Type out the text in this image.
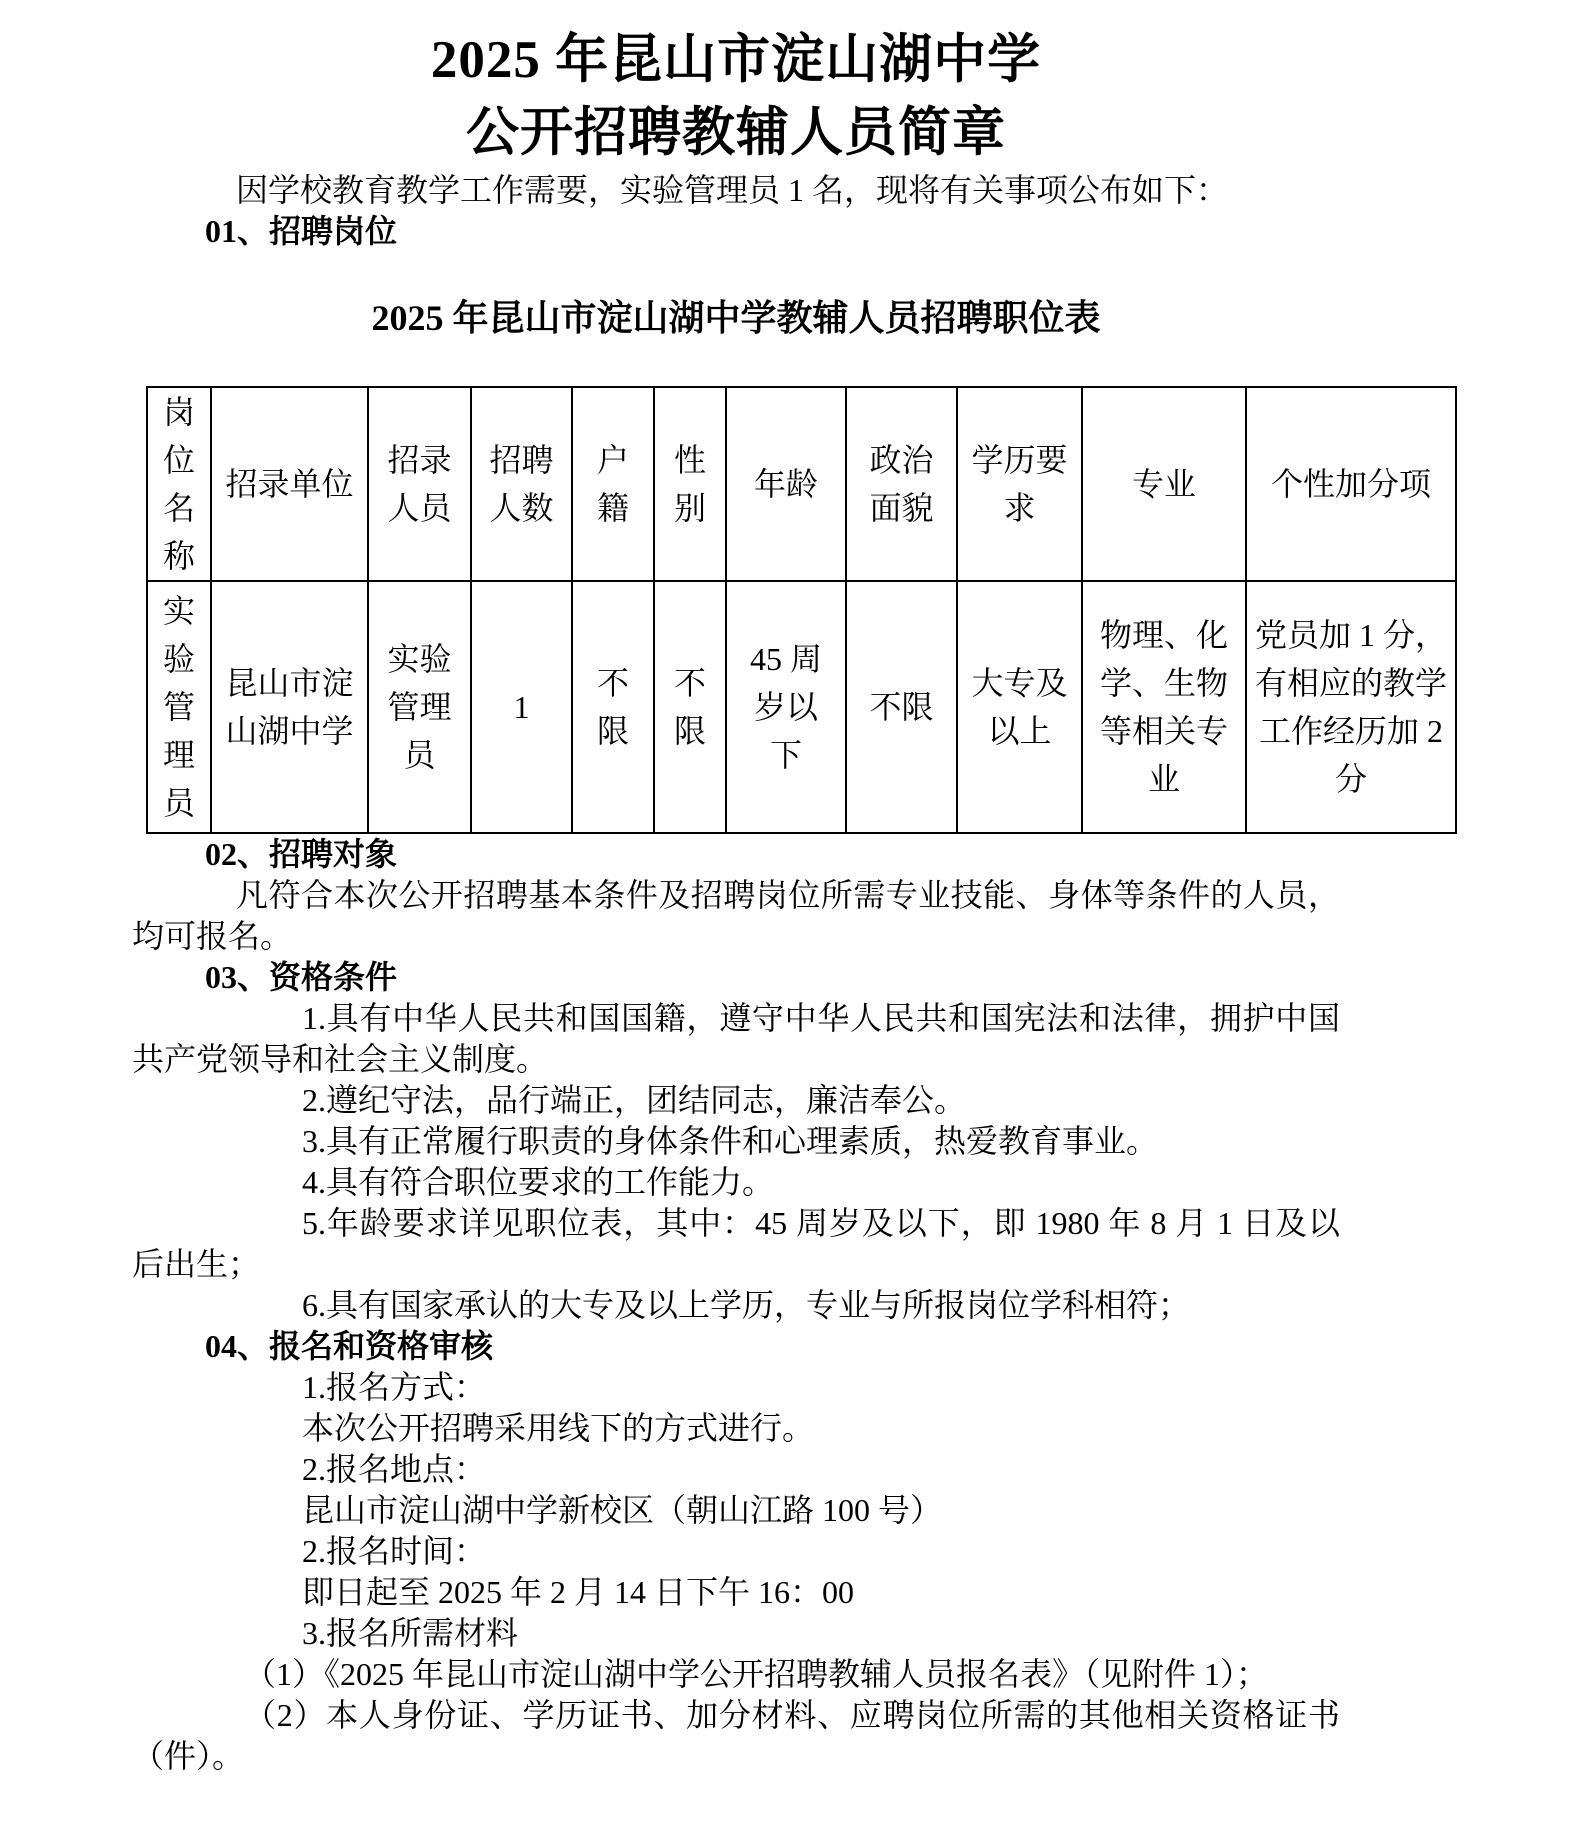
2025 年昆山市淀山湖中学
公开招聘教辅人员简章

因学校教育教学工作需要，实验管理员 1 名，现将有关事项公布如下：

01、招聘岗位
2025 年昆山市淀山湖中学教辅人员招聘职位表
岗位名称	招录单位	招录人员	招聘人数	户籍	性别	年龄	政治面貌	学历要求	专业	个性加分项
实验管理员	昆山市淀山湖中学	实验管理员	1	不限	不限	45 周岁以下	不限	大专及以上	物理、化学、生物等相关专业	党员加 1 分，有相应的教学工作经历加 2 分
02、招聘对象

凡符合本次公开招聘基本条件及招聘岗位所需专业技能、身体等条件的人员，均可报名。

03、资格条件

1.具有中华人民共和国国籍，遵守中华人民共和国宪法和法律，拥护中国共产党领导和社会主义制度。

2.遵纪守法，品行端正，团结同志，廉洁奉公。

3.具有正常履行职责的身体条件和心理素质，热爱教育事业。

4.具有符合职位要求的工作能力。

5.年龄要求详见职位表，其中：45 周岁及以下，即 1980 年 8 月 1 日及以后出生；

6.具有国家承认的大专及以上学历，专业与所报岗位学科相符；

04、报名和资格审核

1.报名方式：

本次公开招聘采用线下的方式进行。

2.报名地点：

昆山市淀山湖中学新校区（朝山江路 100 号）

2.报名时间：

即日起至 2025 年 2 月 14 日下午 16：00

3.报名所需材料

（1）《2025 年昆山市淀山湖中学公开招聘教辅人员报名表》（见附件 1）；

（2）本人身份证、学历证书、加分材料、应聘岗位所需的其他相关资格证书（件）。
